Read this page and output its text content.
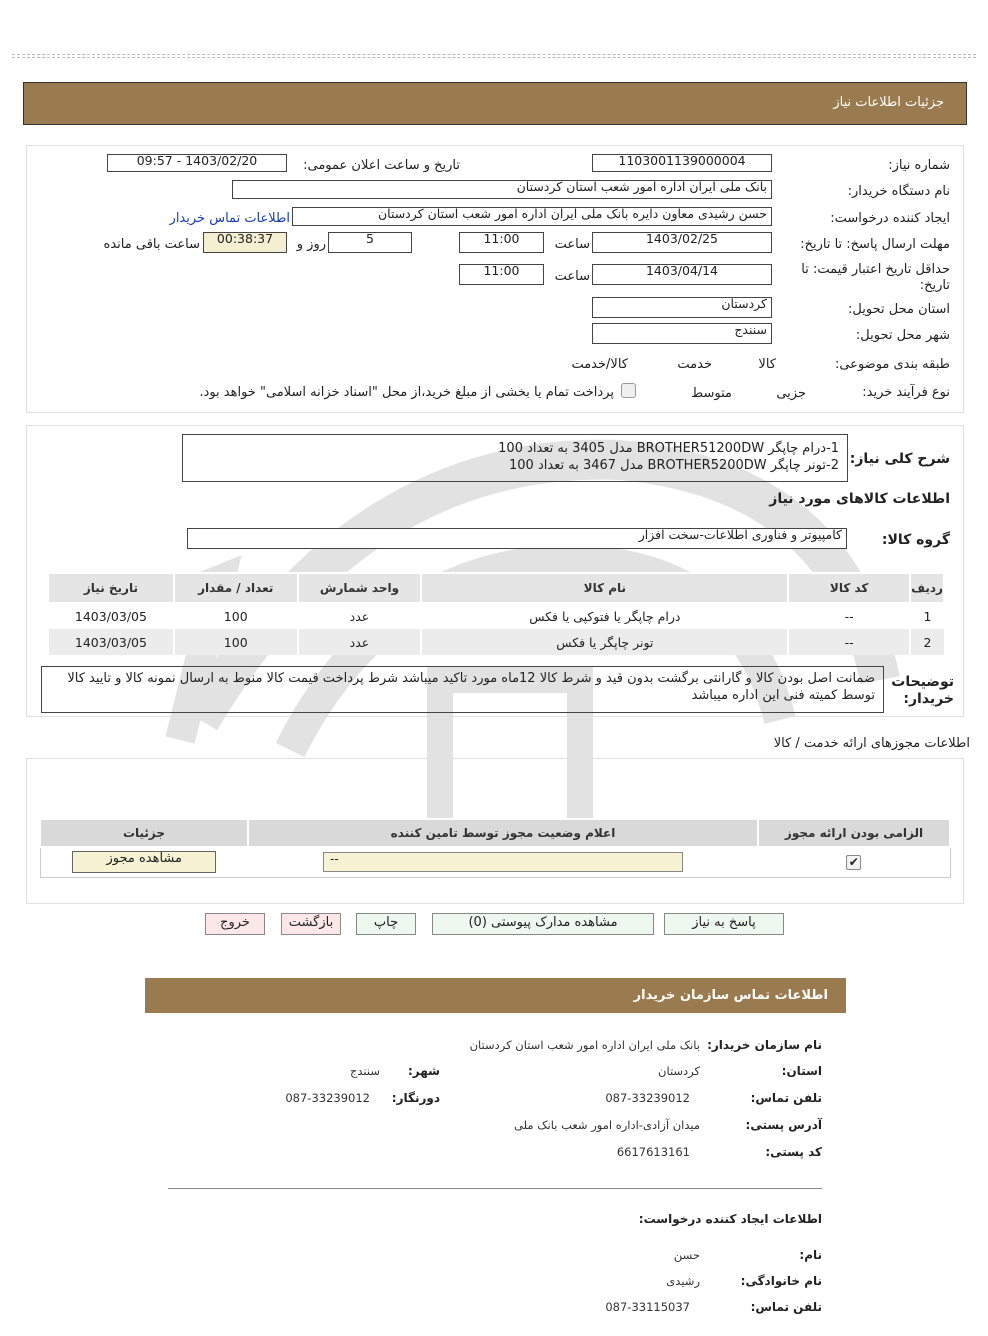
جزئیات اطلاعات نیاز
شماره نیاز:
1103001139000004
تاریخ و ساعت اعلان عمومی:
1403/02/20 - 09:57
نام دستگاه خریدار:
بانک ملی ایران اداره امور شعب استان کردستان
ایجاد کننده درخواست:
حسن رشیدی معاون دایره بانک ملی ایران اداره امور شعب استان کردستان
اطلاعات تماس خریدار
مهلت ارسال پاسخ: تا تاریخ:
1403/02/25
ساعت
11:00
5
روز و
00:38:37
ساعت باقی مانده
حداقل تاریخ اعتبار قیمت: تا تاریخ:
1403/04/14
ساعت
11:00
استان محل تحویل:
کردستان
شهر محل تحویل:
سنندج
طبقه بندی موضوعی:

کالا

خدمت

کالا/خدمت
نوع فرآیند خرید:

جزیی
متوسط
پرداخت تمام یا بخشی از مبلغ خرید،از محل "اسناد خزانه اسلامی" خواهد بود.
شرح کلی نیاز:
1-درام چاپگر BROTHER51200DW مدل 3405 به تعداد 100
2-تونر چاپگر BROTHER5200DW مدل 3467 به تعداد 100
اطلاعات کالاهای مورد نیاز
گروه کالا:
کامپیوتر و فناوری اطلاعات-سخت افزار
ردیف	کد کالا	نام کالا	واحد شمارش	تعداد / مقدار	تاریخ نیاز
1	--	درام چاپگر یا فتوکپی یا فکس	عدد	100	1403/03/05
2	--	تونر چاپگر یا فکس	عدد	100	1403/03/05
توضیحات خریدار:
ضمانت اصل بودن کالا و گارانتی برگشت بدون قید و شرط کالا 12ماه مورد تاکید میباشد شرط پرداخت قیمت کالا منوط به ارسال نمونه کالا و تایید کالا توسط کمیته فنی این اداره میباشد
اطلاعات مجوزهای ارائه خدمت / کالا
الزامی بودن ارائه مجوز	اعلام وضعیت مجوز توسط تامین کننده	جزئیات
✔	--	مشاهده مجوز
پاسخ به نیاز
مشاهده مدارک پیوستی (0)
چاپ
بازگشت
خروج
اطلاعات تماس سازمان خریدار
نام سازمان خریدار:
بانک ملی ایران اداره امور شعب استان کردستان
استان:
کردستان
شهر:
سنندج
تلفن تماس:
087-33239012
دورنگار:
087-33239012
آدرس پستی:
میدان آزادی-اداره امور شعب بانک ملی
کد پستی:
6617613161
اطلاعات ایجاد کننده درخواست:
نام:
حسن
نام خانوادگی:
رشیدی
تلفن تماس:
087-33115037
